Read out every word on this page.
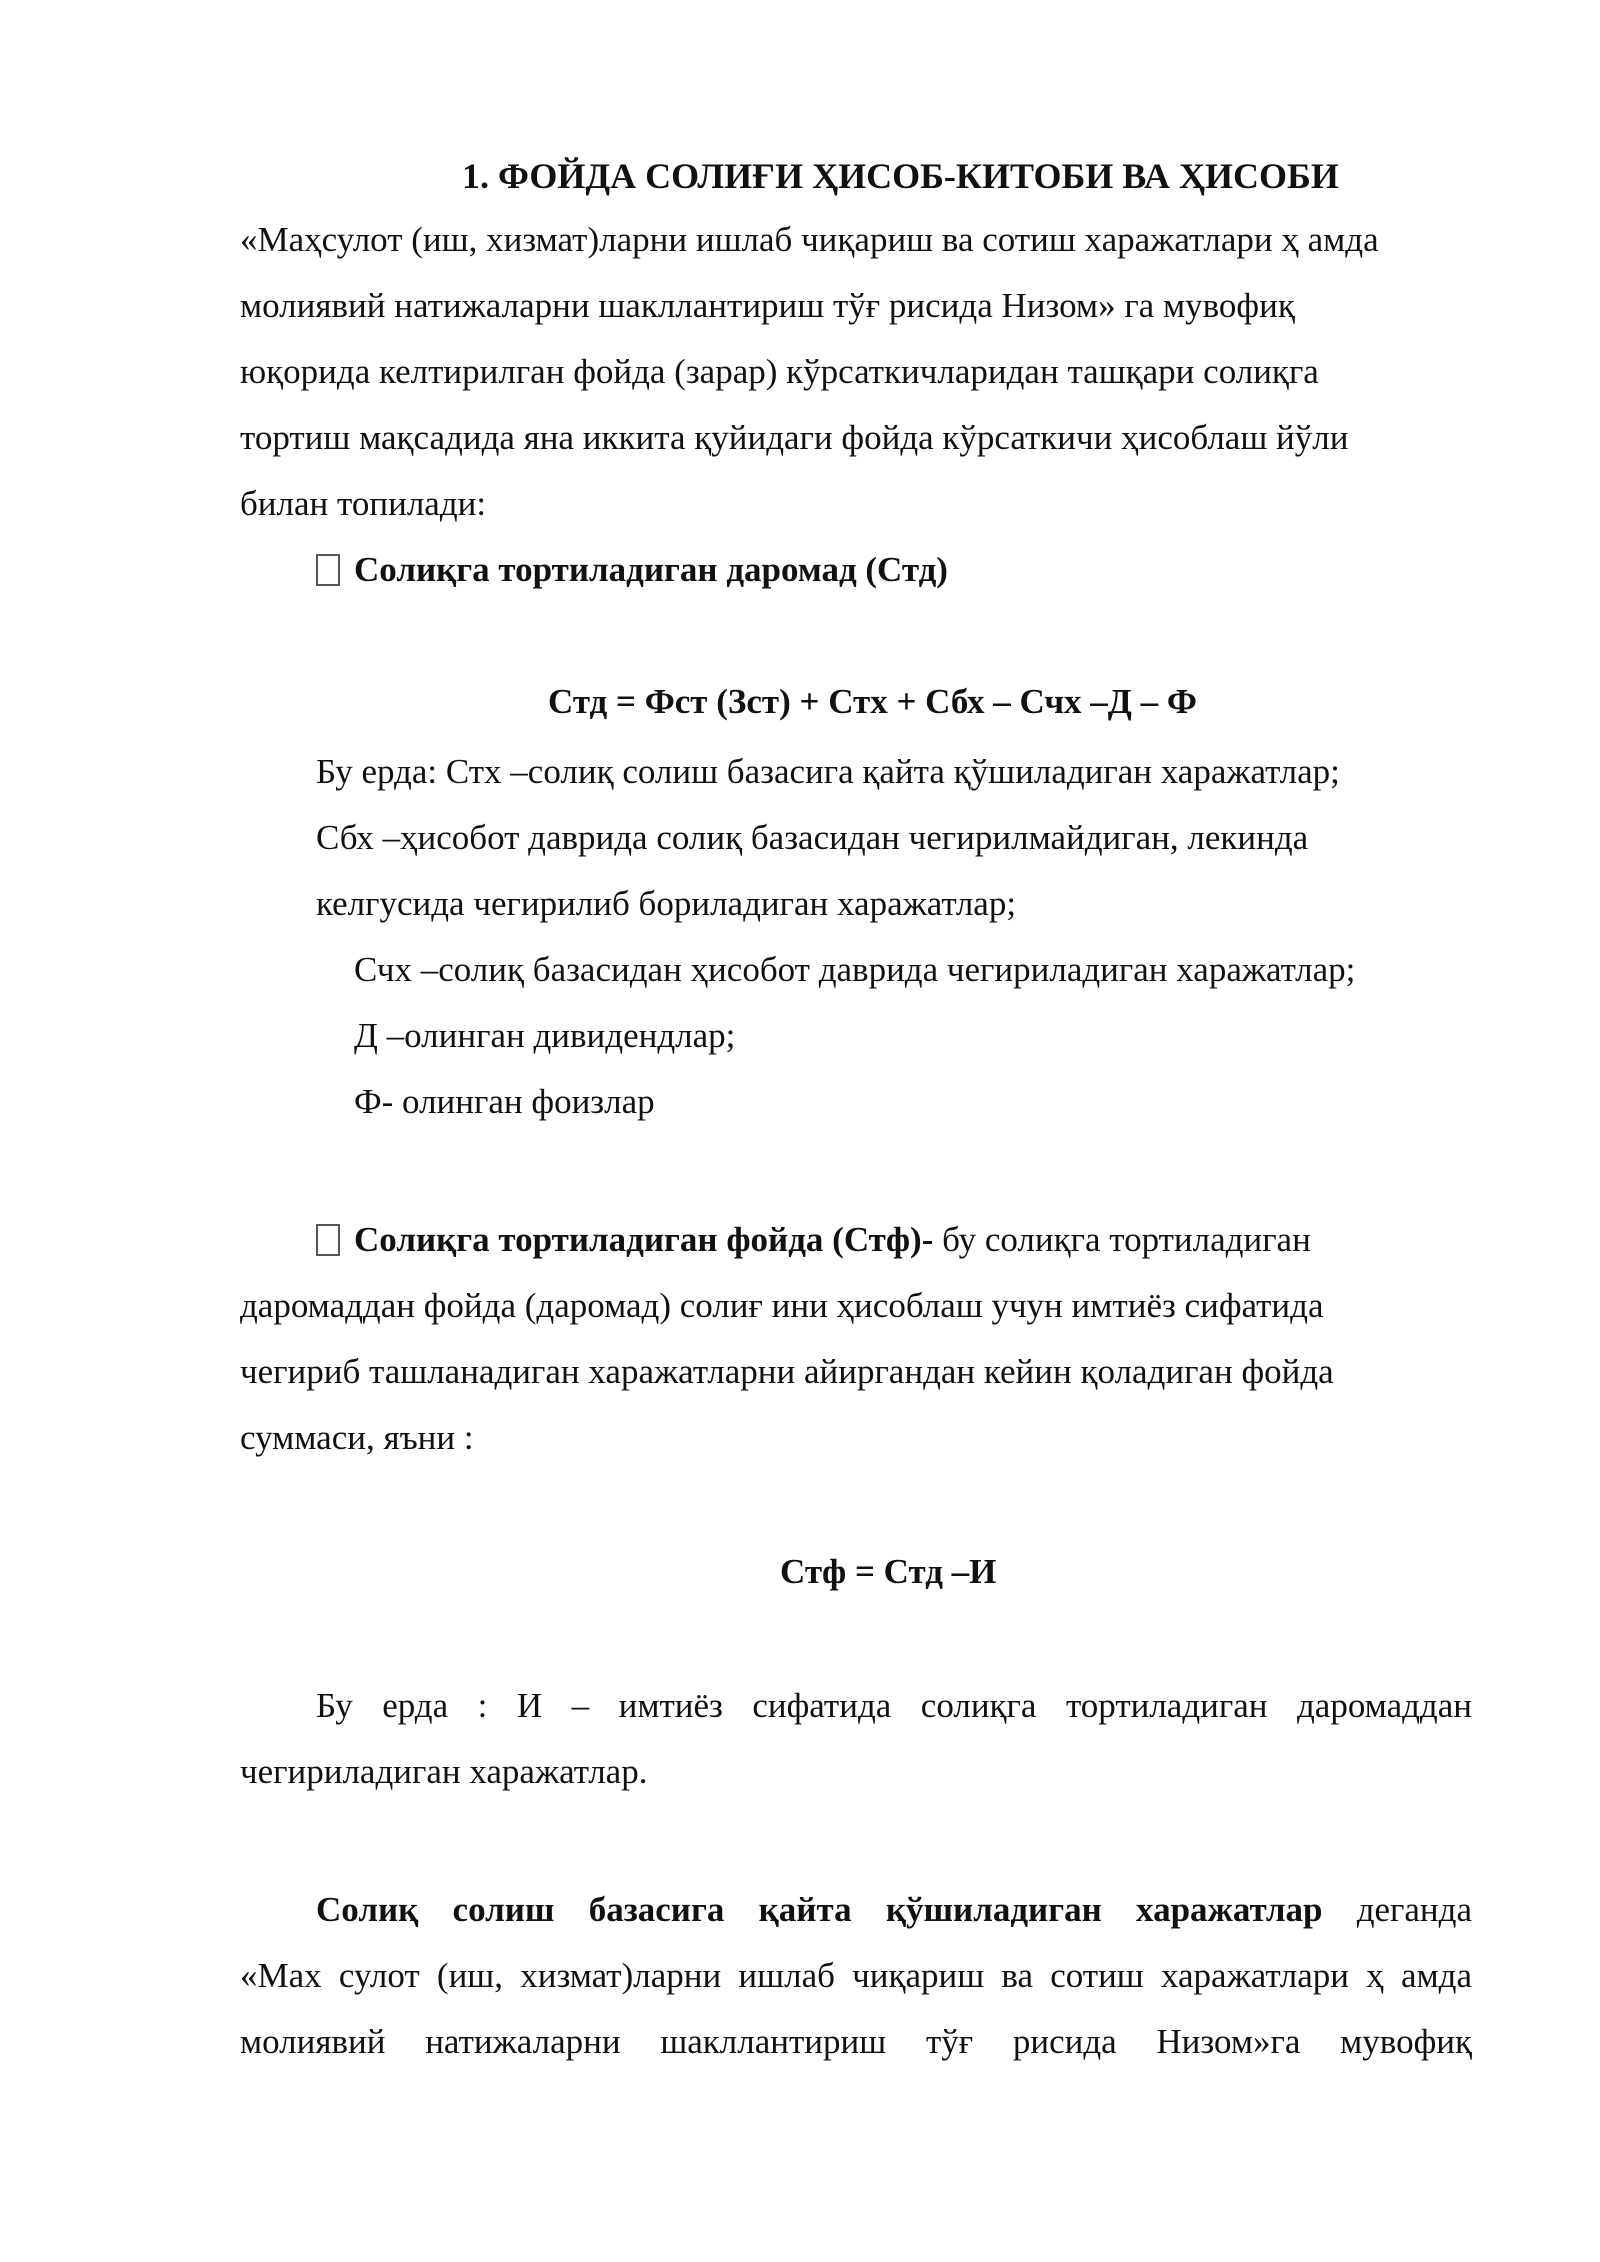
1. ФОЙДА СОЛИҒИ ҲИСОБ-КИТОБИ ВА ҲИСОБИ
«Маҳсулот (иш, хизмат)ларни ишлаб чиқариш ва сотиш харажатлари ҳ амда
молиявий натижаларни шакллантириш тўғ рисида Низом» га мувофиқ
юқорида келтирилган фойда (зарар) кўрсаткичларидан ташқари солиқга
тортиш мақсадида яна иккита қуйидаги фойда кўрсаткичи ҳисоблаш йўли
билан топилади:
Солиқга тортиладиган даромад (Стд)
Стд = Фст (Зст) + Стх + Сбх – Счх –Д – Ф
Бу ерда: Стх –солиқ солиш базасига қайта қўшиладиган харажатлар;
Сбх –ҳисобот даврида солиқ базасидан чегирилмайдиган, лекинда
келгусида чегирилиб бориладиган харажатлар;
Счх –солиқ базасидан ҳисобот даврида чегириладиган харажатлар;
Д –олинган дивидендлар;
Ф- олинган фоизлар
Солиқга тортиладиган фойда (Стф)- бу солиқга тортиладиган
даромаддан фойда (даромад) солиғ ини ҳисоблаш учун имтиёз сифатида
чегириб ташланадиган харажатларни айиргандан кейин қоладиган фойда
суммаси, яъни :
Стф = Стд –И
Бу ерда : И – имтиёз сифатида солиқга тортиладиган даромаддан
чегириладиган харажатлар.
Солиқ солиш базасига қайта қўшиладиган харажатлар деганда
«Мах сулот (иш, хизмат)ларни ишлаб чиқариш ва сотиш харажатлари ҳ амда
молиявий натижаларни шакллантириш тўғ рисида Низом»га мувофиқ
